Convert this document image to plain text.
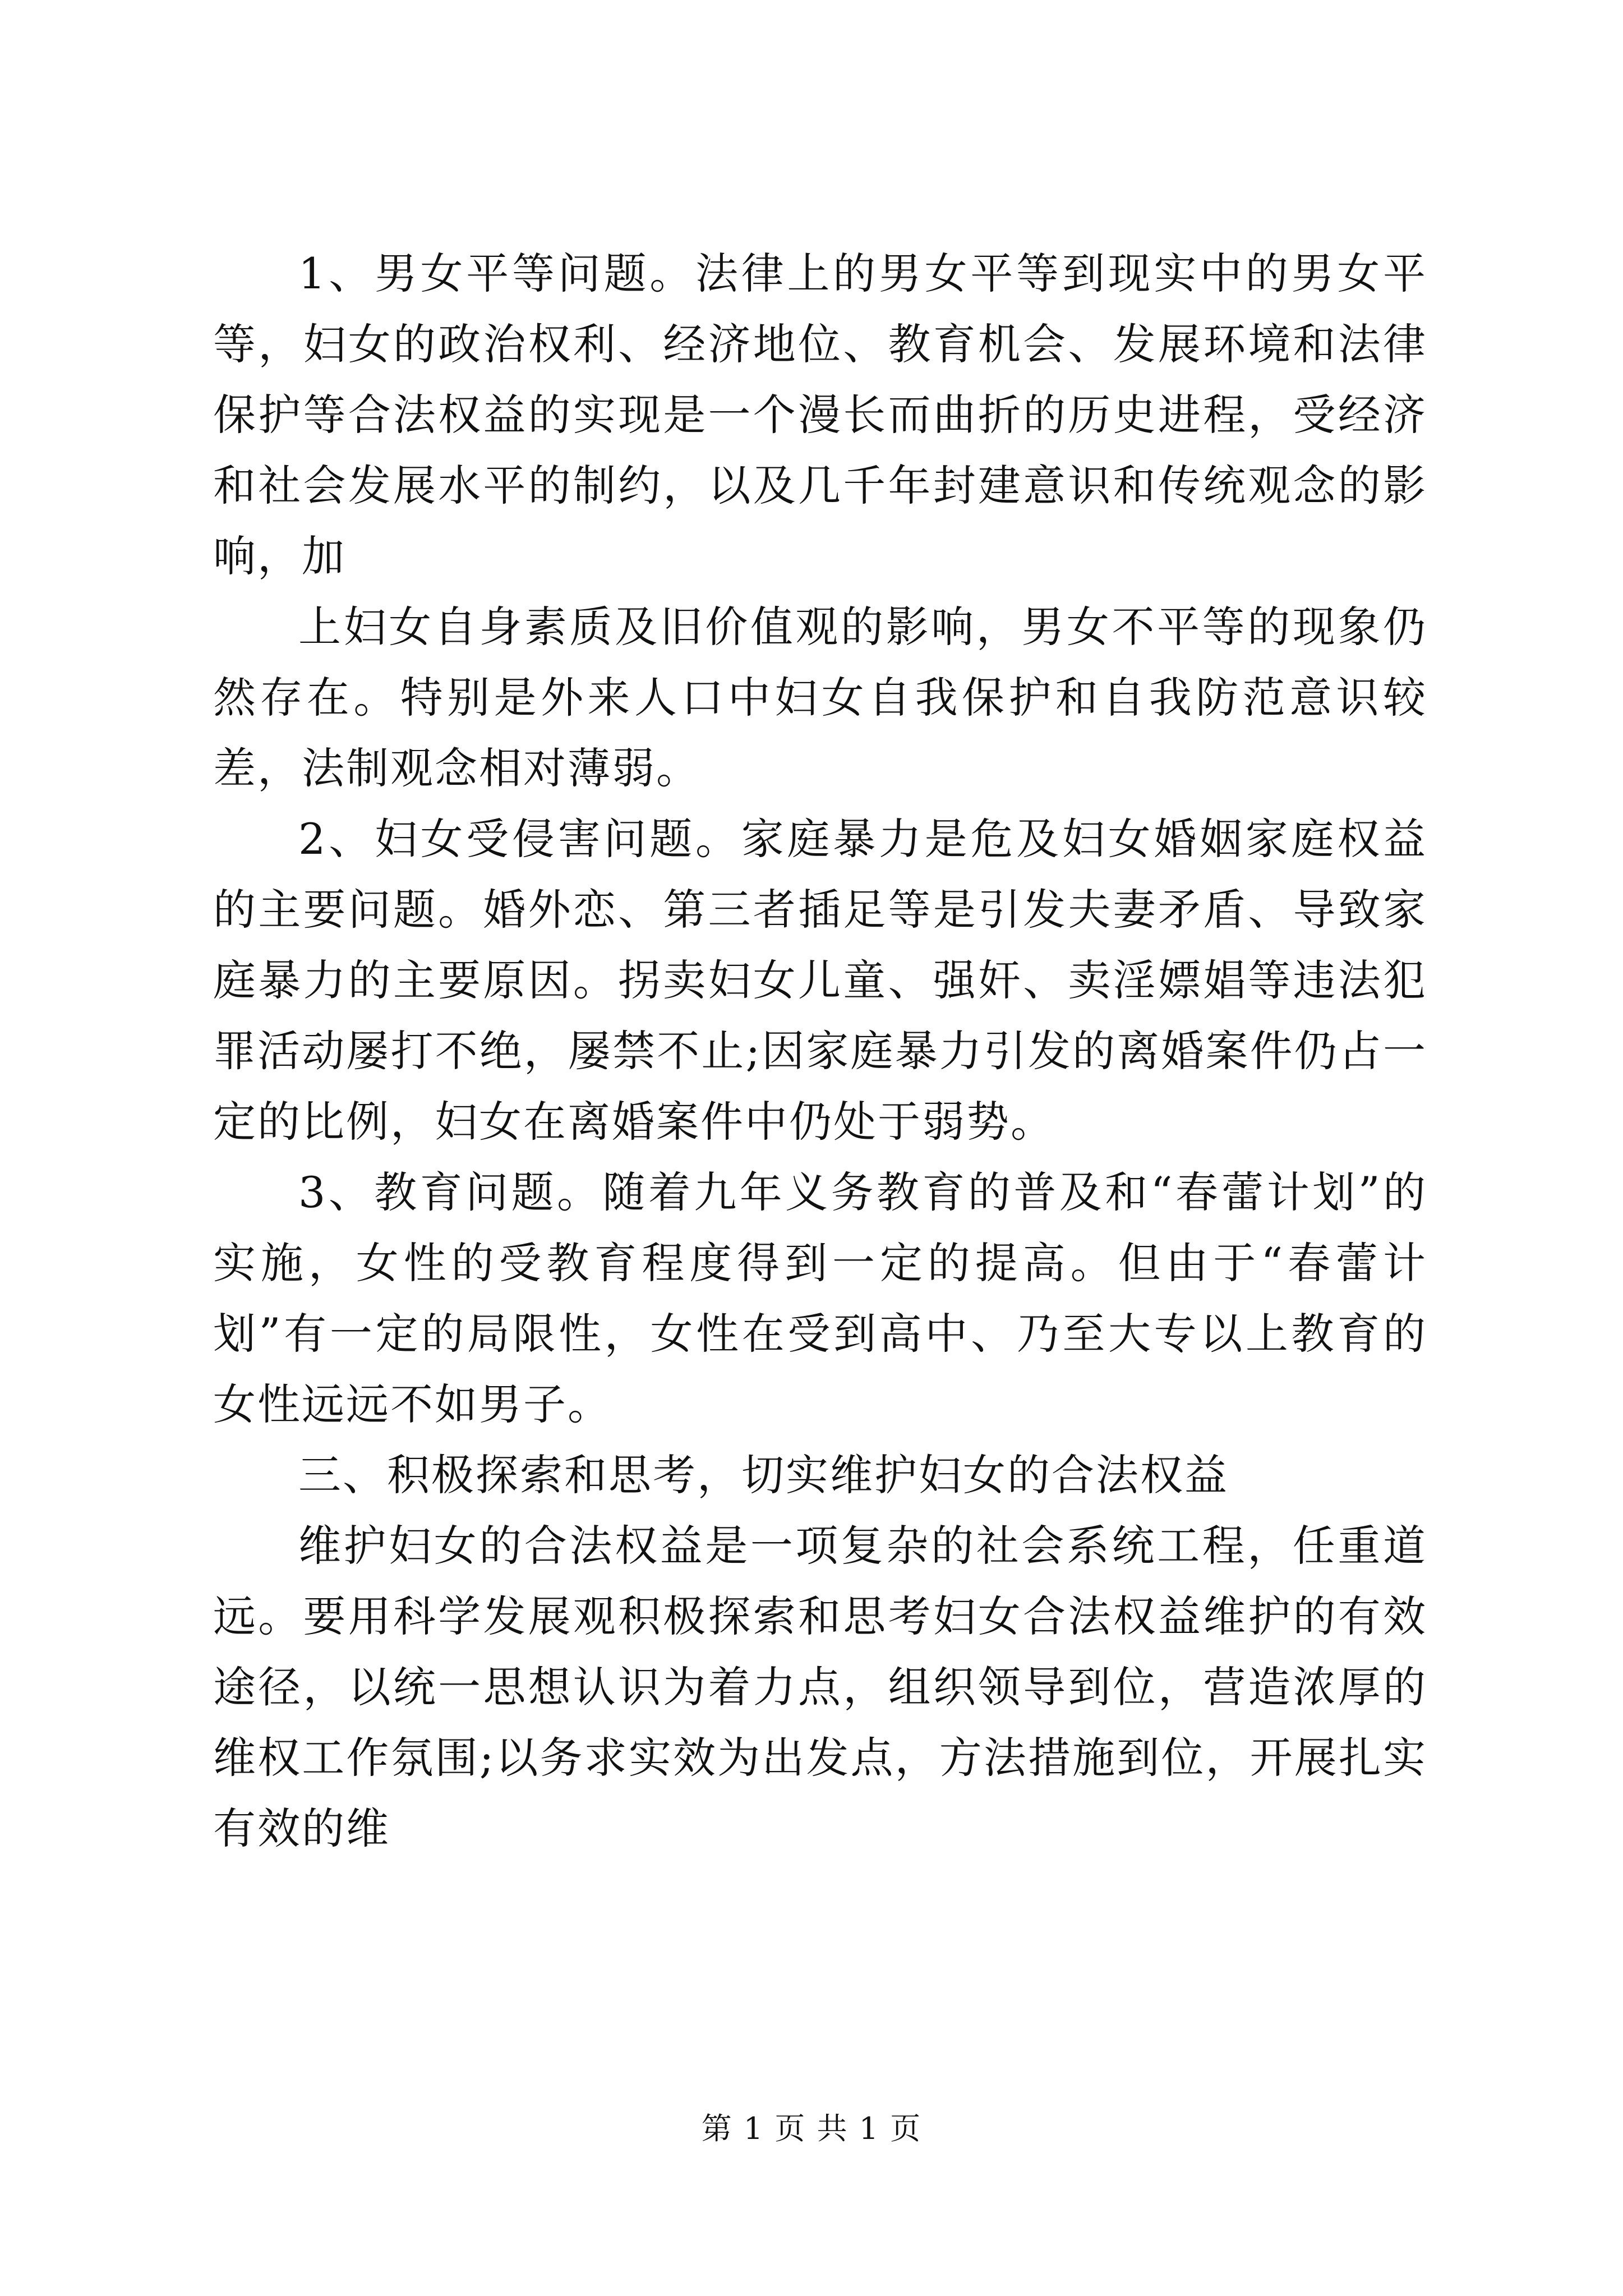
1、男女平等问题。法律上的男女平等到现实中的男女平等，妇女的政治权利、经济地位、教育机会、发展环境和法律保护等合法权益的实现是一个漫长而曲折的历史进程，受经济和社会发展水平的制约，以及几千年封建意识和传统观念的影响，加

上妇女自身素质及旧价值观的影响，男女不平等的现象仍然存在。特别是外来人口中妇女自我保护和自我防范意识较差，法制观念相对薄弱。

2、妇女受侵害问题。家庭暴力是危及妇女婚姻家庭权益的主要问题。婚外恋、第三者插足等是引发夫妻矛盾、导致家庭暴力的主要原因。拐卖妇女儿童、强奸、卖淫嫖娼等违法犯罪活动屡打不绝，屡禁不止;因家庭暴力引发的离婚案件仍占一定的比例，妇女在离婚案件中仍处于弱势。

3、教育问题。随着九年义务教育的普及和“春蕾计划”的实施，女性的受教育程度得到一定的提高。但由于“春蕾计划”有一定的局限性，女性在受到高中、乃至大专以上教育的女性远远不如男子。

三、积极探索和思考，切实维护妇女的合法权益

维护妇女的合法权益是一项复杂的社会系统工程，任重道远。要用科学发展观积极探索和思考妇女合法权益维护的有效途径，以统一思想认识为着力点，组织领导到位，营造浓厚的维权工作氛围;以务求实效为出发点，方法措施到位，开展扎实有效的维

第 1 页 共 1 页
